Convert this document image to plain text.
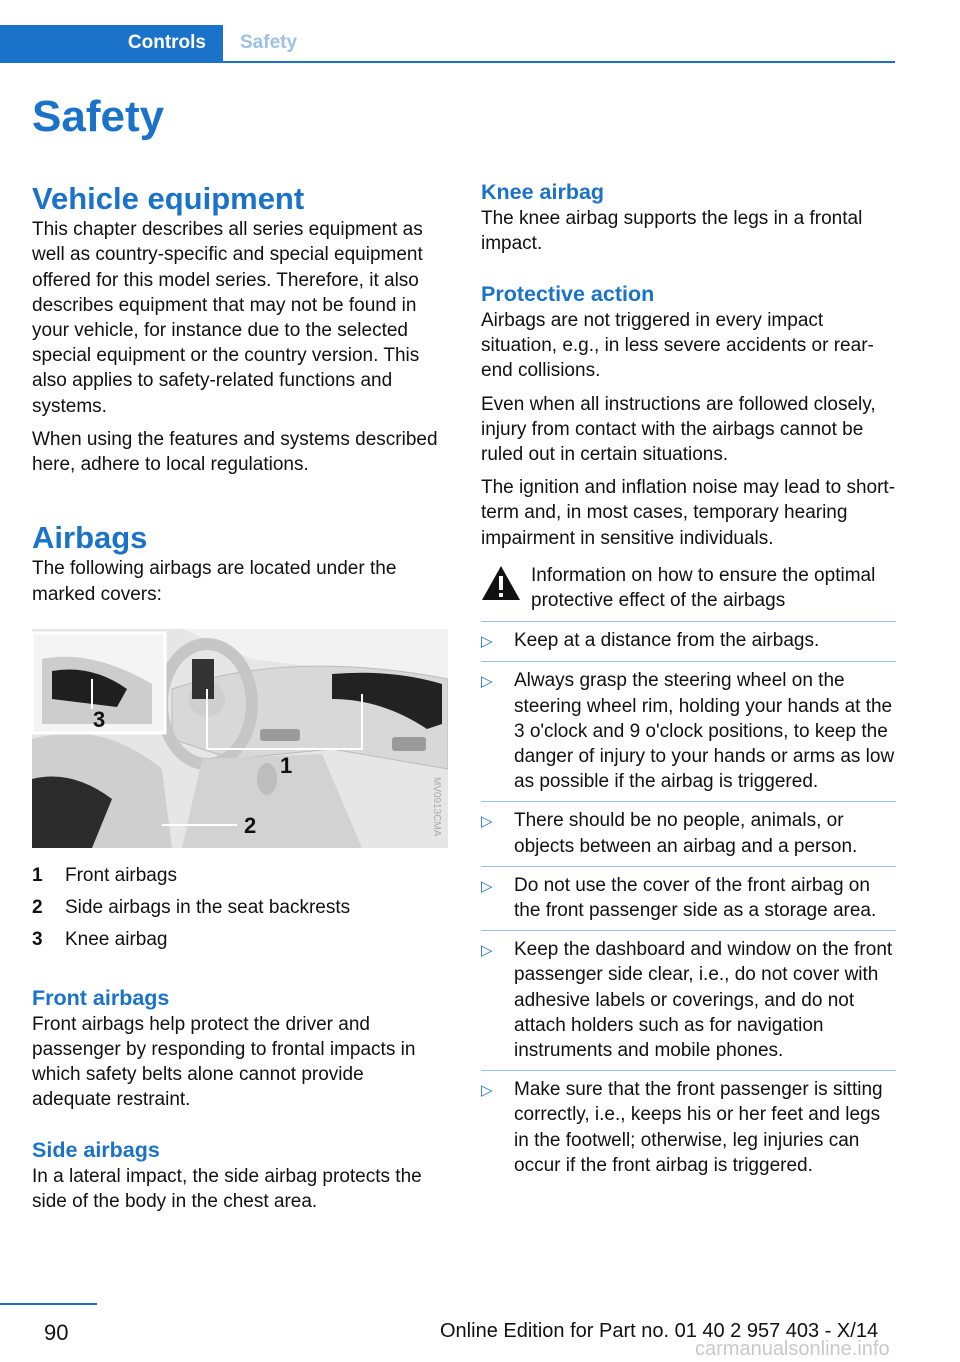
Controls	Safety
Safety
Vehicle equipment

This chapter describes all series equipment as well as country-specific and special equipment offered for this model series. Therefore, it also describes equipment that may not be found in your vehicle, for instance due to the selected special equipment or the country version. This also applies to safety-related functions and systems.

When using the features and systems described here, adhere to local regulations.

Airbags

The following airbags are located under the marked covers:

1
2
3
MV0913CMA
1	Front airbags
2	Side airbags in the seat backrests
3	Knee airbag
Front airbags

Front airbags help protect the driver and passenger by responding to frontal impacts in which safety belts alone cannot provide adequate restraint.

Side airbags

In a lateral impact, the side airbag protects the side of the body in the chest area.

Knee airbag

The knee airbag supports the legs in a frontal impact.

Protective action

Airbags are not triggered in every impact situation, e.g., in less severe accidents or rear-end collisions.

Even when all instructions are followed closely, injury from contact with the airbags cannot be ruled out in certain situations.

The ignition and inflation noise may lead to short-term and, in most cases, temporary hearing impairment in sensitive individuals.

Information on how to ensure the optimal protective effect of the airbags
▷	Keep at a distance from the airbags.
▷	Always grasp the steering wheel on the steering wheel rim, holding your hands at the 3 o'clock and 9 o'clock positions, to keep the danger of injury to your hands or arms as low as possible if the airbag is triggered.
▷	There should be no people, animals, or objects between an airbag and a person.
▷	Do not use the cover of the front airbag on the front passenger side as a storage area.
▷	Keep the dashboard and window on the front passenger side clear, i.e., do not cover with adhesive labels or coverings, and do not attach holders such as for navigation instruments and mobile phones.
▷	Make sure that the front passenger is sitting correctly, i.e., keeps his or her feet and legs in the footwell; otherwise, leg injuries can occur if the front airbag is triggered.
90	Online Edition for Part no. 01 40 2 957 403 - X/14
carmanualsonline.info
